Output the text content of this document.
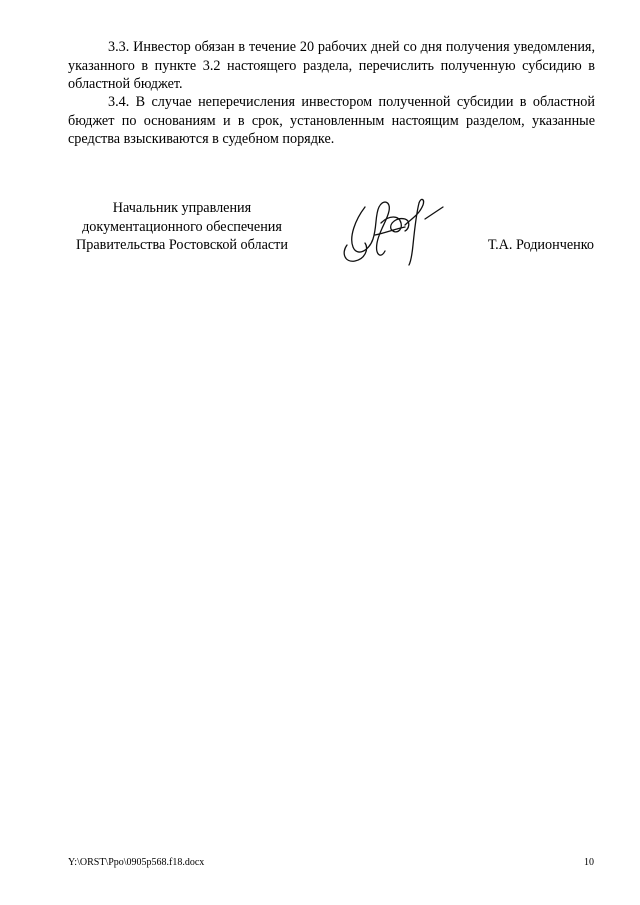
3.3. Инвестор обязан в течение 20 рабочих дней со дня получения уведомления, указанного в пункте 3.2 настоящего раздела, перечислить полученную субсидию в областной бюджет.

3.4. В случае неперечисления инвестором полученной субсидии в областной бюджет по основаниям и в срок, установленным настоящим разделом, указанные средства взыскиваются в судебном порядке.

Начальник управления
документационного обеспечения
Правительства Ростовской области	Т.А. Родионченко
Y:\ORST\Ppo\0905p568.f18.docx	10
